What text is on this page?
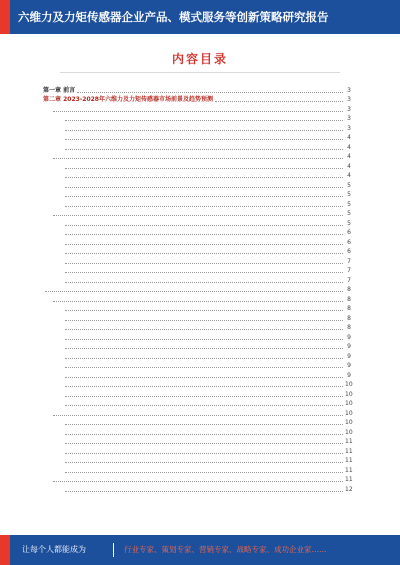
六维力及力矩传感器企业产品、模式服务等创新策略研究报告
内容目录
第一章 前言	3
第二章 2023-2028年六维力及力矩传感器市场前景及趋势预测	3
3
3
3
4
4
4
4
4
5
5
5
5
5
6
6
6
7
7
7
8
8
8
8
8
9
9
9
9
9
10
10
10
10
10
10
11
11
11
11
11
12
让每个人都能成为	行业专家、策划专家、营销专家、战略专家、成功企业家……
